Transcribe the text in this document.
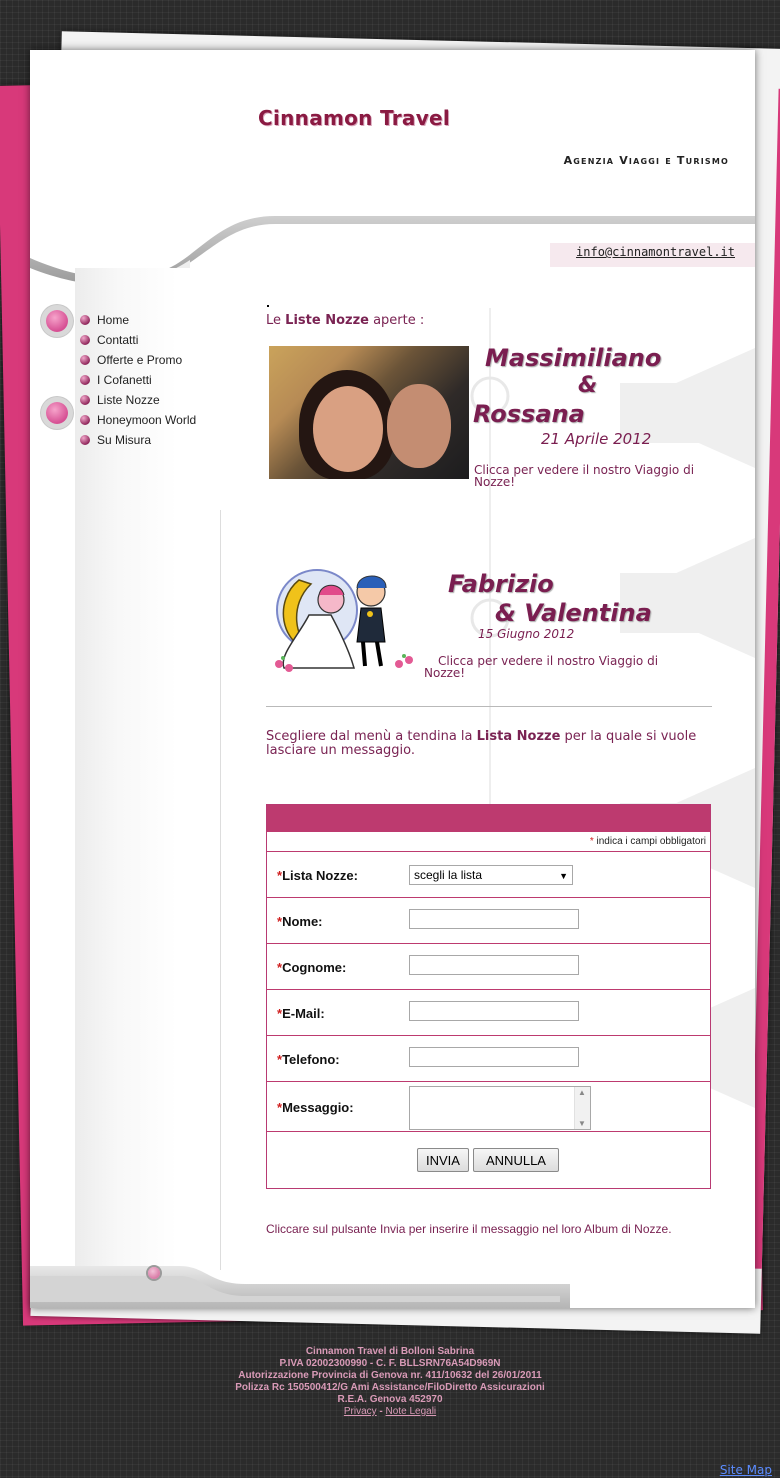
Cinnamon Travel

Agenzia Viaggi e Turismo

info@cinnamontravel.it
Home
Contatti
Offerte e Promo
I Cofanetti
Liste Nozze
Honeymoon World
Su Misura

Le Liste Nozze aperte :

Massimiliano

&

Rossana

21 Aprile 2012

Clicca per vedere il nostro Viaggio di Nozze!

Fabrizio

& Valentina

15 Giugno 2012

Clicca per vedere il nostro Viaggio di Nozze!

Scegliere dal menù a tendina la Lista Nozze per la quale si vuole lasciare un messaggio.

* indica i campi obbligatori
*Lista Nozze:	scegli la lista	▼
*Nome:
*Cognome:
*E-Mail:
*Telefono:
*Messaggio:
▲
▼
INVIA	ANNULLA

Cliccare sul pulsante Invia per inserire il messaggio nel loro Album di Nozze.

Cinnamon Travel di Bolloni Sabrina
P.IVA 02002300990 - C. F. BLLSRN76A54D969N
Autorizzazione Provincia di Genova nr. 411/10632 del 26/01/2011
Polizza Rc 150500412/G Ami Assistance/FiloDiretto Assicurazioni
R.E.A. Genova 452970
Privacy - Note Legali
Site Map
